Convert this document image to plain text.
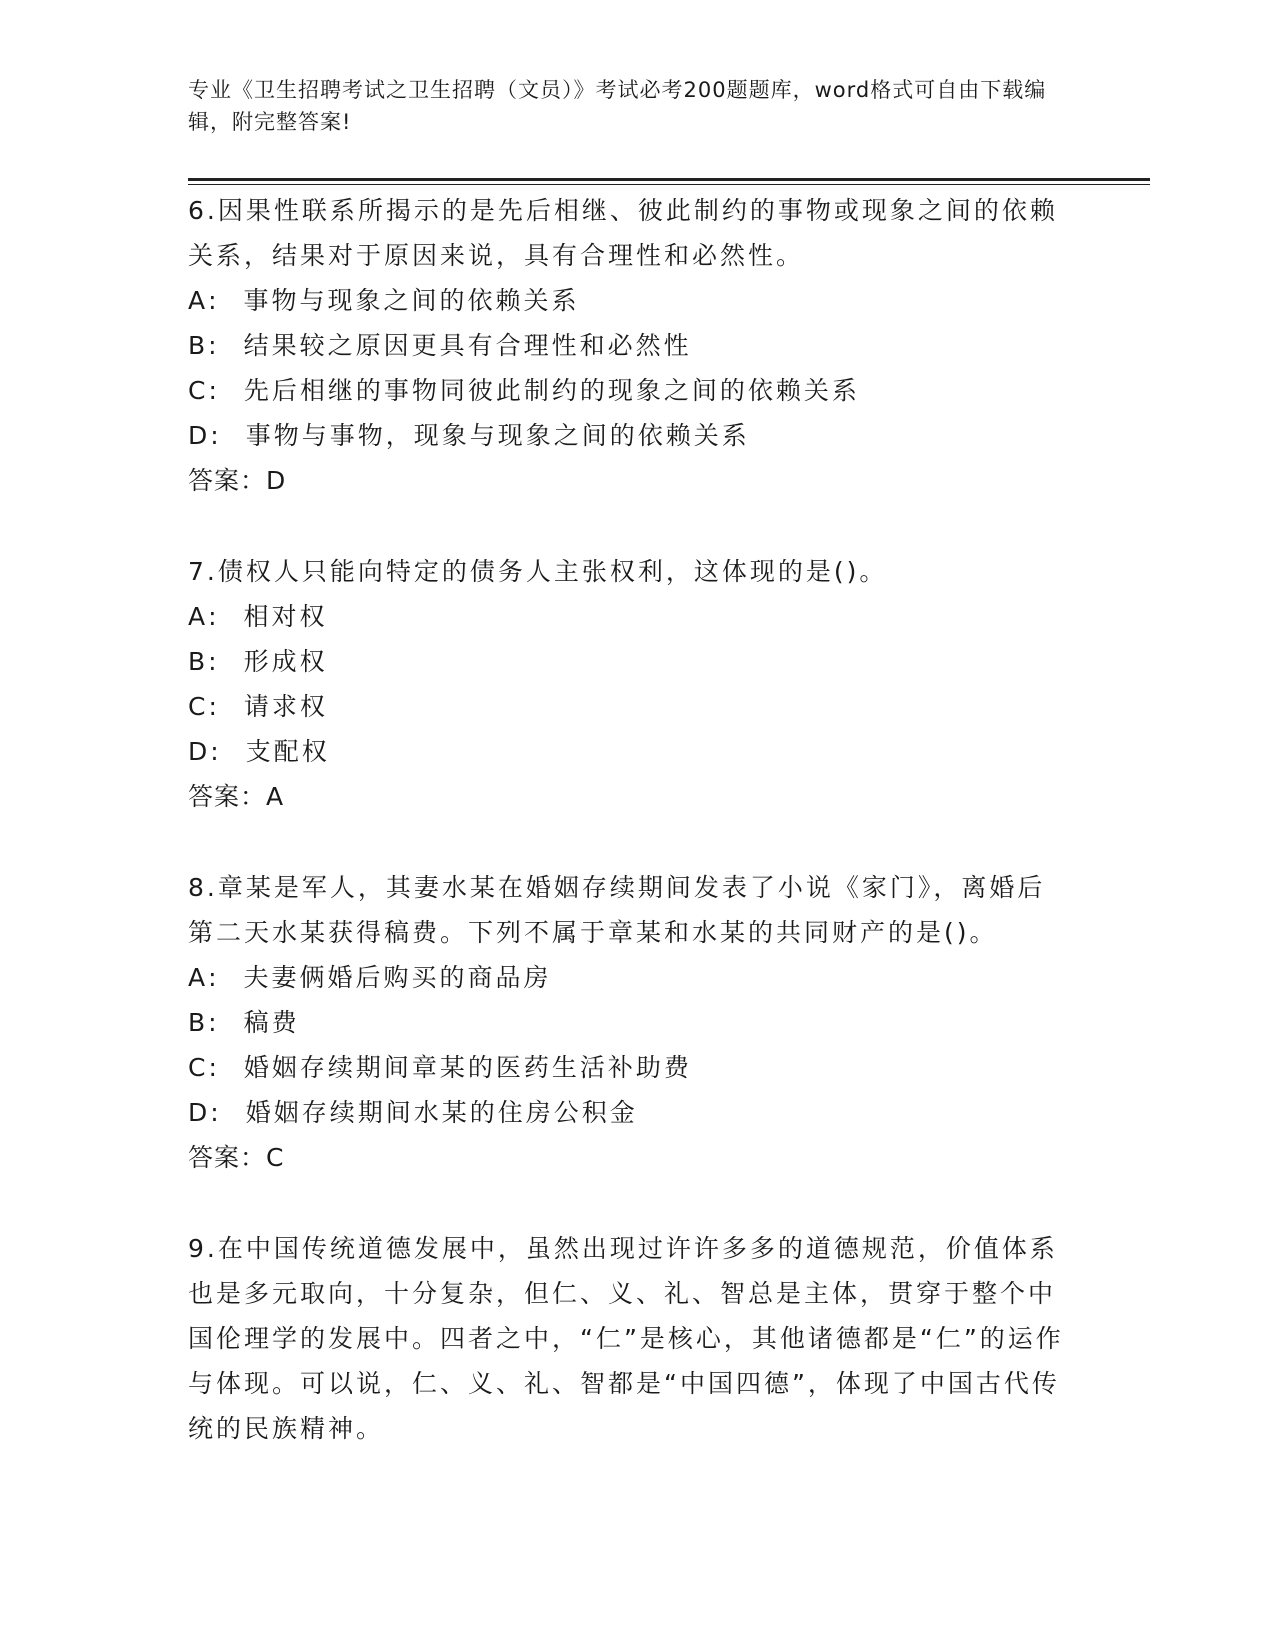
专业《卫生招聘考试之卫生招聘（文员）》考试必考200题题库，word格式可自由下载编辑，附完整答案!

6.因果性联系所揭示的是先后相继、彼此制约的事物或现象之间的依赖关系，结果对于原因来说，具有合理性和必然性。

A: 事物与现象之间的依赖关系

B: 结果较之原因更具有合理性和必然性

C: 先后相继的事物同彼此制约的现象之间的依赖关系

D: 事物与事物，现象与现象之间的依赖关系

答案：D

7.债权人只能向特定的债务人主张权利，这体现的是()。

A: 相对权

B: 形成权

C: 请求权

D: 支配权

答案：A

8.章某是军人，其妻水某在婚姻存续期间发表了小说《家门》，离婚后第二天水某获得稿费。下列不属于章某和水某的共同财产的是()。

A: 夫妻俩婚后购买的商品房

B: 稿费

C: 婚姻存续期间章某的医药生活补助费

D: 婚姻存续期间水某的住房公积金

答案：C

9.在中国传统道德发展中，虽然出现过许许多多的道德规范，价值体系也是多元取向，十分复杂，但仁、义、礼、智总是主体，贯穿于整个中国伦理学的发展中。四者之中，“仁”是核心，其他诸德都是“仁”的运作与体现。可以说，仁、义、礼、智都是“中国四德”，体现了中国古代传统的民族精神。
